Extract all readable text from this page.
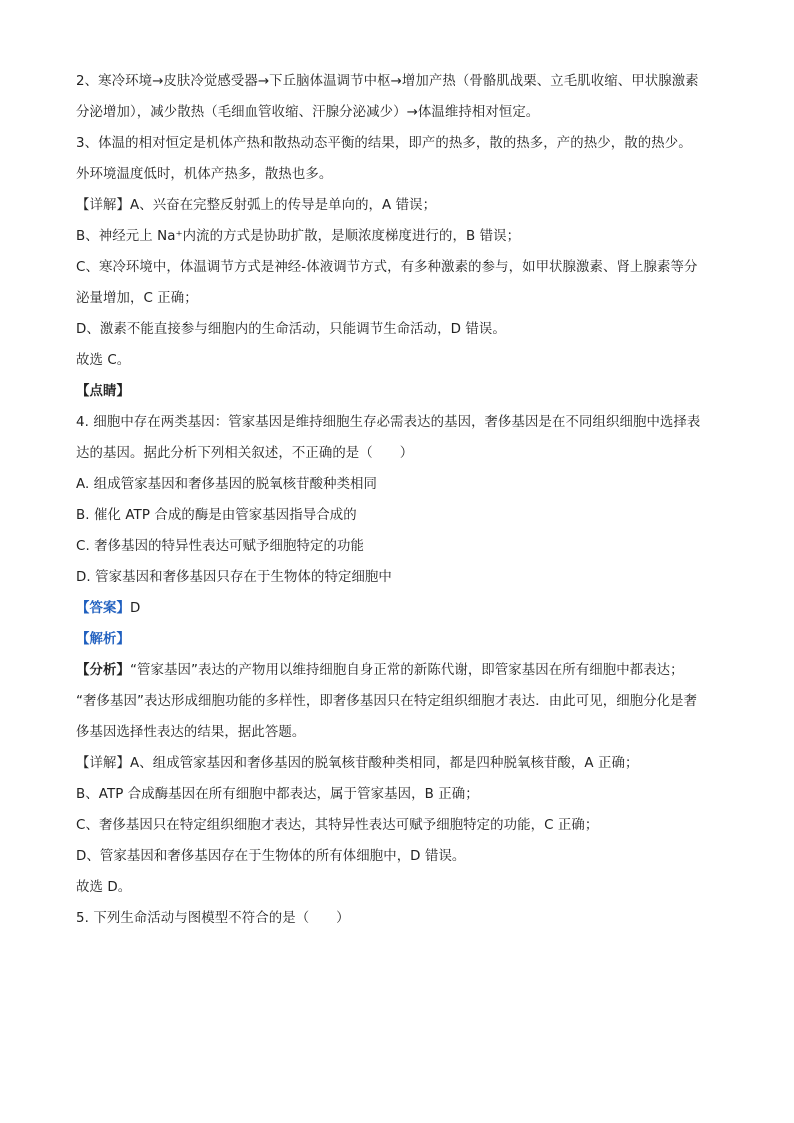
2、寒冷环境→皮肤冷觉感受器→下丘脑体温调节中枢→增加产热（骨骼肌战栗、立毛肌收缩、甲状腺激素
分泌增加），减少散热（毛细血管收缩、汗腺分泌减少）→体温维持相对恒定。
3、体温的相对恒定是机体产热和散热动态平衡的结果，即产的热多，散的热多，产的热少，散的热少。
外环境温度低时，机体产热多，散热也多。
【详解】A、兴奋在完整反射弧上的传导是单向的，A 错误；
B、神经元上 Na⁺内流的方式是协助扩散，是顺浓度梯度进行的，B 错误；
C、寒冷环境中，体温调节方式是神经-体液调节方式，有多种激素的参与，如甲状腺激素、肾上腺素等分
泌量增加，C 正确；
D、激素不能直接参与细胞内的生命活动，只能调节生命活动，D 错误。
故选 C。
【点睛】
4. 细胞中存在两类基因：管家基因是维持细胞生存必需表达的基因，奢侈基因是在不同组织细胞中选择表
达的基因。据此分析下列相关叙述，不正确的是（　　）
A. 组成管家基因和奢侈基因的脱氧核苷酸种类相同
B. 催化 ATP 合成的酶是由管家基因指导合成的
C. 奢侈基因的特异性表达可赋予细胞特定的功能
D. 管家基因和奢侈基因只存在于生物体的特定细胞中
【答案】D
【解析】
【分析】“管家基因”表达的产物用以维持细胞自身正常的新陈代谢，即管家基因在所有细胞中都表达；
“奢侈基因”表达形成细胞功能的多样性，即奢侈基因只在特定组织细胞才表达．由此可见，细胞分化是奢
侈基因选择性表达的结果，据此答题。
【详解】A、组成管家基因和奢侈基因的脱氧核苷酸种类相同，都是四种脱氧核苷酸，A 正确；
B、ATP 合成酶基因在所有细胞中都表达，属于管家基因，B 正确；
C、奢侈基因只在特定组织细胞才表达，其特异性表达可赋予细胞特定的功能，C 正确；
D、管家基因和奢侈基因存在于生物体的所有体细胞中，D 错误。
故选 D。
5. 下列生命活动与图模型不符合的是（　　）
